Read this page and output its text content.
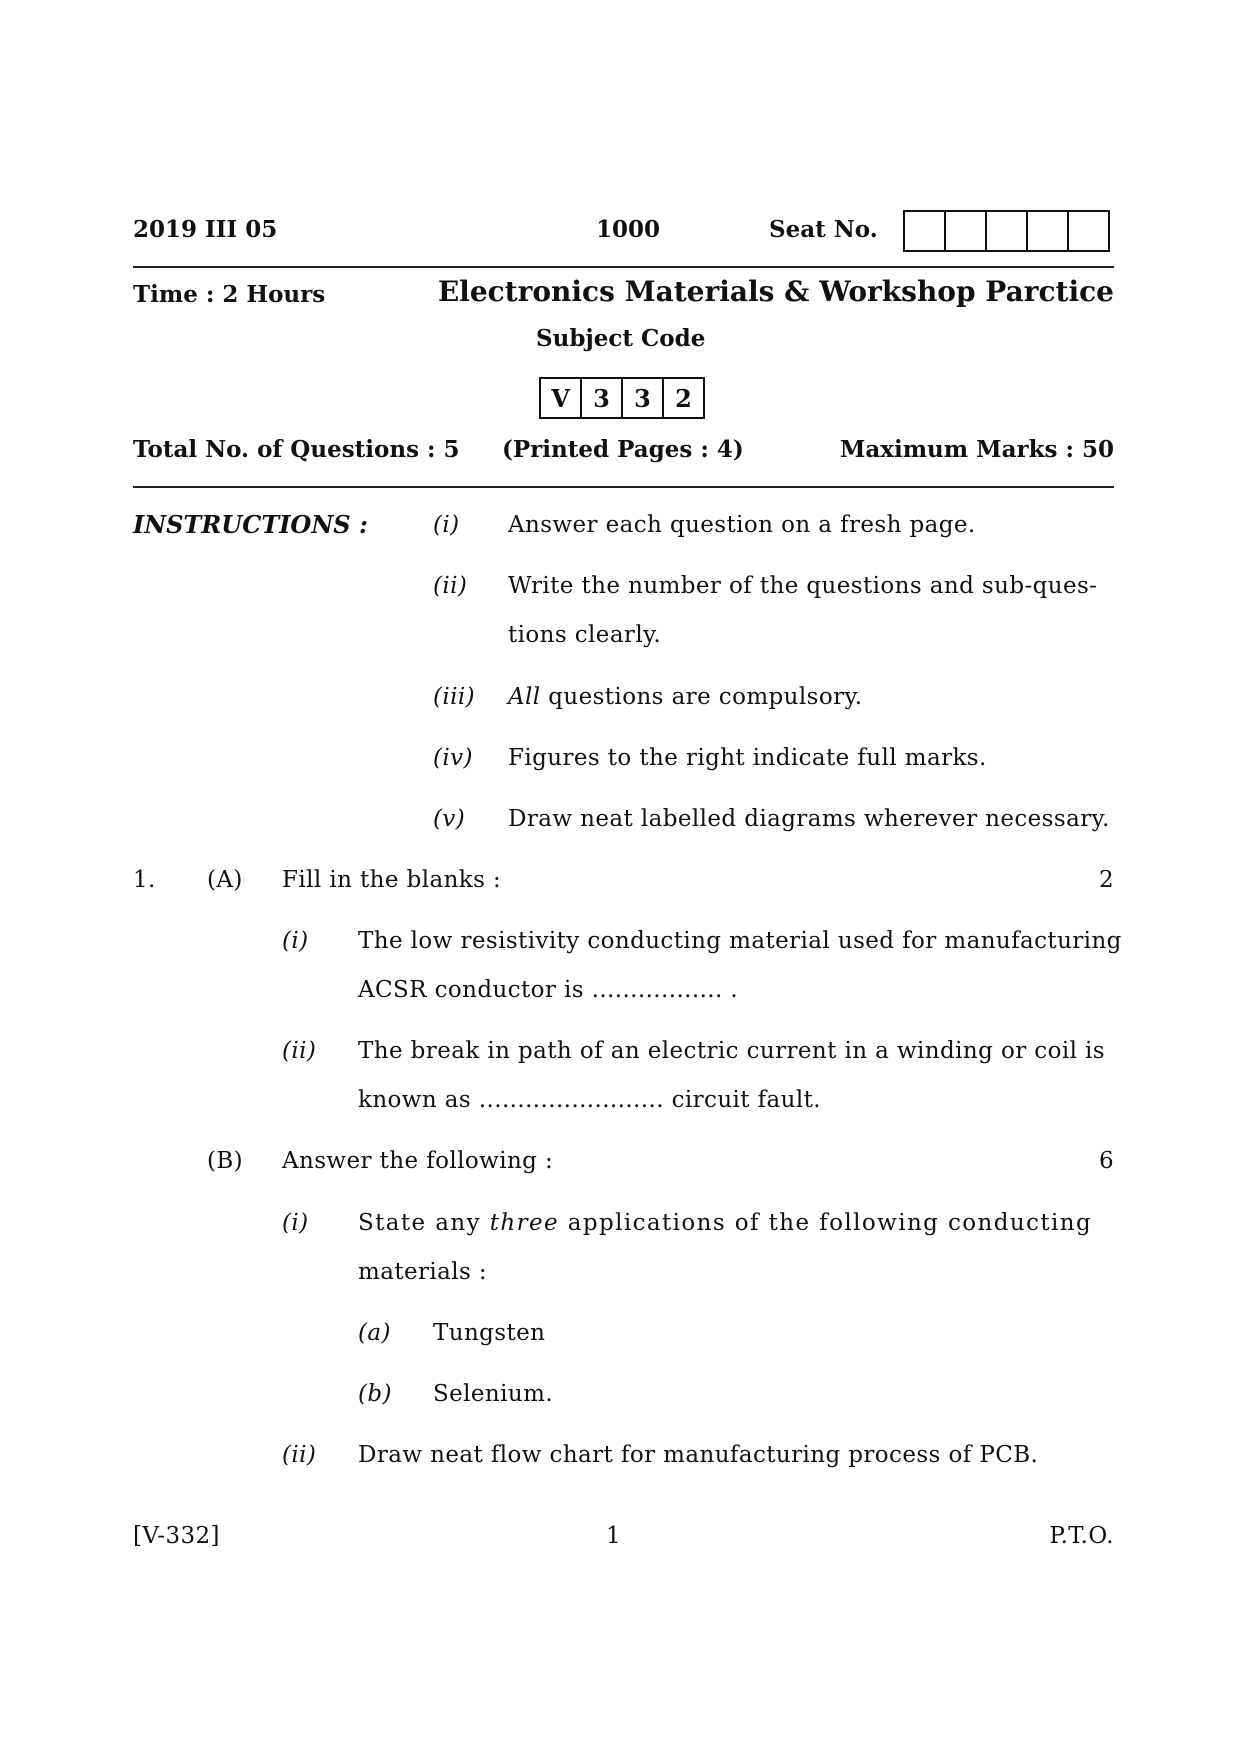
2019 III 05	1000	Seat No.
Time : 2 Hours	Electronics Materials & Workshop Parctice
Subject Code
V 3	3	2
Total No. of Questions : 5 (Printed Pages : 4)	Maximum Marks : 50
INSTRUCTIONS :	(i) Answer each question on a fresh page.
(ii) Write the number of the questions and sub-ques-
tions clearly.
(iii) All questions are compulsory.
(iv) Figures to the right indicate full marks.
(v) Draw neat labelled diagrams wherever necessary.
1. (A) Fill in the blanks :	2
(i) The low resistivity conducting material used for manufacturing
ACSR conductor is ................. .
(ii) The break in path of an electric current in a winding or coil is
known as ........................ circuit fault.
(B) Answer the following :	6
(i) State any three applications of the following conducting
materials :
(a) Tungsten
(b) Selenium.
(ii) Draw neat flow chart for manufacturing process of PCB.
[V-332]	1	P.T.O.
